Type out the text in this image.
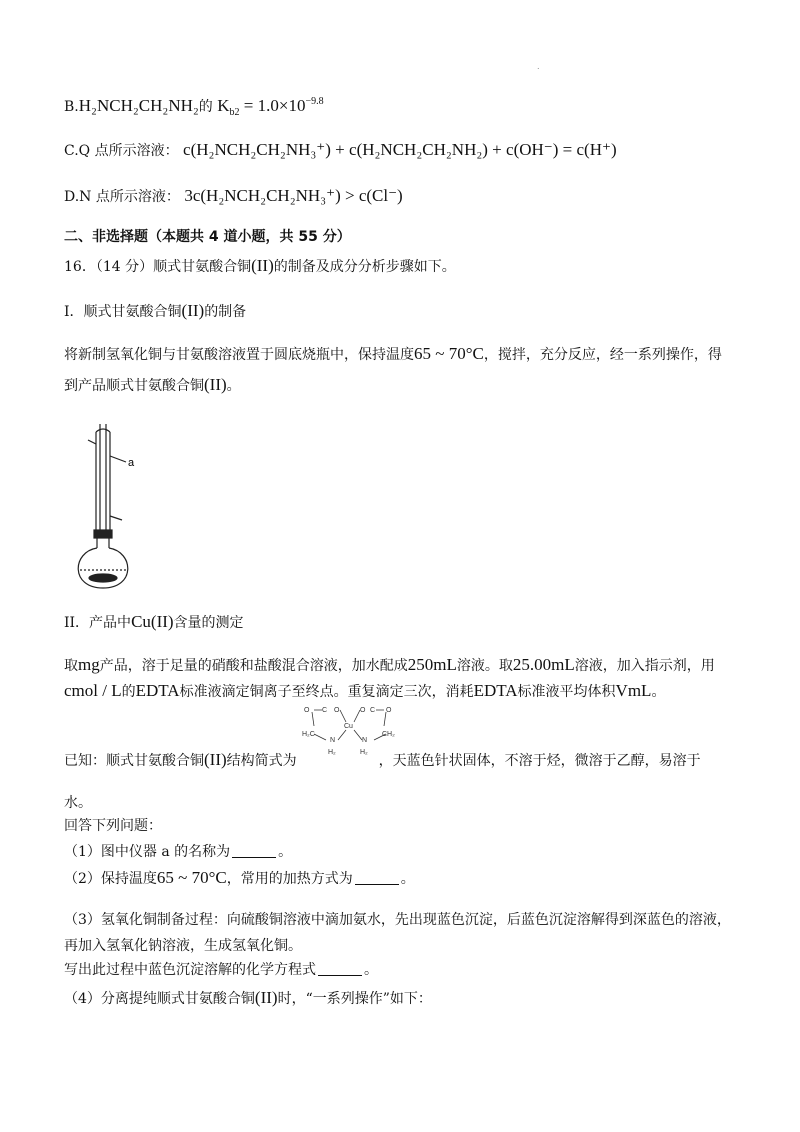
.
B.H₂NCH₂CH₂NH₂的 $K_{b2} = 1.0\times 10^{-9.8}$
C.Q 点所示溶液： c(H₂NCH₂CH₂NH₃⁺) + c(H₂NCH₂CH₂NH₂) + c(OH⁻) = c(H⁺)
D.N 点所示溶液： 3c(H₂NCH₂CH₂NH₃⁺) > c(Cl⁻)
二、非选择题（本题共 4 道小题，共 55 分）
16．（14 分）顺式甘氨酸合铜(II)的制备及成分分析步骤如下。
I．顺式甘氨酸合铜(II)的制备
将新制氢氧化铜与甘氨酸溶液置于圆底烧瓶中，保持温度65 ~ 70°C，搅拌，充分反应，经一系列操作，得
到产品顺式甘氨酸合铜(II)。
a
II．产品中Cu(II)含量的测定
取mg产品，溶于足量的硝酸和盐酸混合溶液，加水配成250mL溶液。取25.00mL溶液，加入指示剂，用
cmol / L的EDTA标准液滴定铜离子至终点。重复滴定三次，消耗EDTA标准液平均体积VmL。
O C O
Cu
O C O
H₂C
N	N
CH₂
H₂	H₂
已知：顺式甘氨酸合铜(II)结构简式为	，天蓝色针状固体，不溶于烃，微溶于乙醇，易溶于
水。
回答下列问题：
（1）图中仪器 a 的名称为	。
（2）保持温度65 ~ 70°C，常用的加热方式为	。
（3）氢氧化铜制备过程：向硫酸铜溶液中滴加氨水，先出现蓝色沉淀，后蓝色沉淀溶解得到深蓝色的溶液，
再加入氢氧化钠溶液，生成氢氧化铜。
写出此过程中蓝色沉淀溶解的化学方程式	。
（4）分离提纯顺式甘氨酸合铜(II)时，“一系列操作”如下：
